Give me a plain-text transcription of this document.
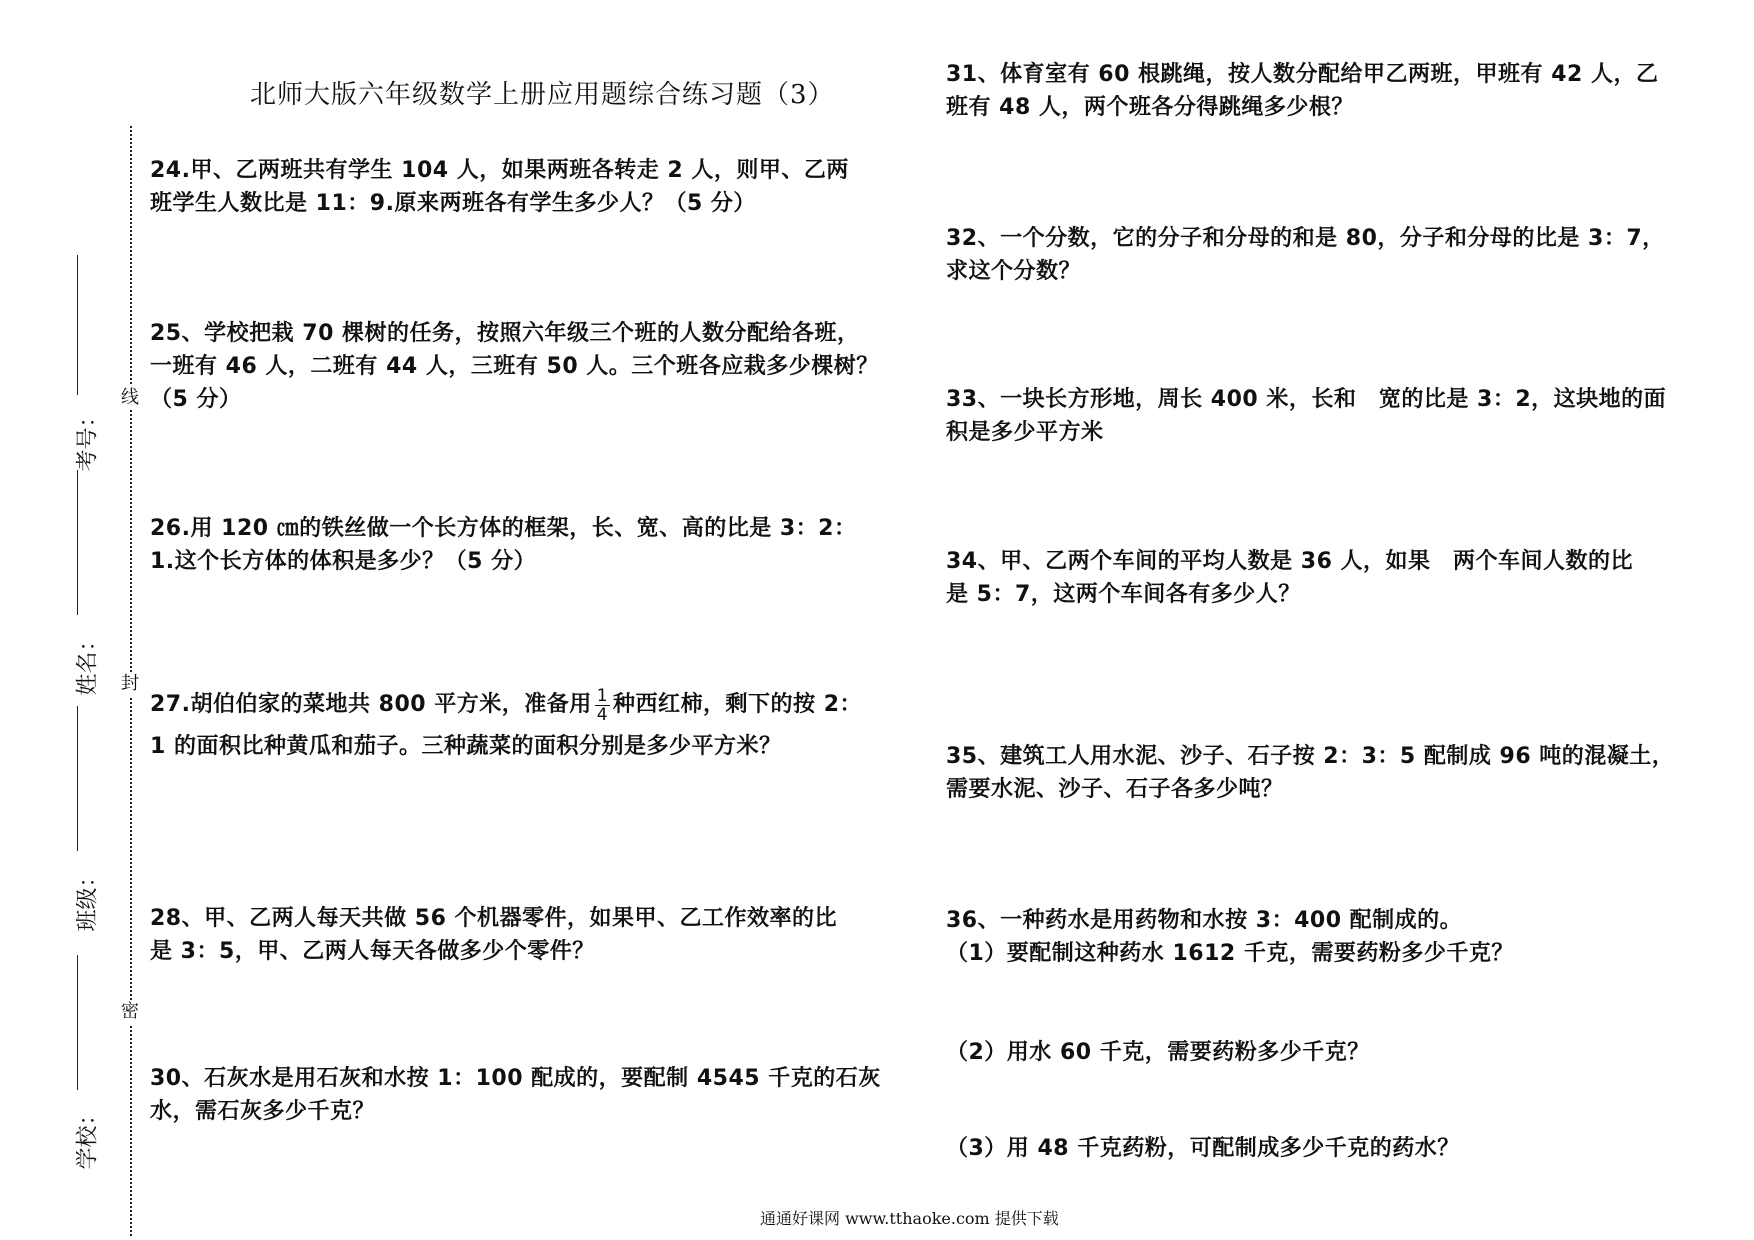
线
封
密
考号：
姓名：
班级：
学校：
北师大版六年级数学上册应用题综合练习题（3）

24.甲、乙两班共有学生 104 人，如果两班各转走 2 人，则甲、乙两

班学生人数比是 11：9.原来两班各有学生多少人？（5 分）

25、学校把栽 70 棵树的任务，按照六年级三个班的人数分配给各班，

一班有 46 人，二班有 44 人，三班有 50 人。三个班各应栽多少棵树？

（5 分）

26.用 120 ㎝的铁丝做一个长方体的框架，长、宽、高的比是 3：2：

1.这个长方体的体积是多少？（5 分）

27.胡伯伯家的菜地共 800 平方米，准备用 $\frac{1}{4}$ 种西红柿，剩下的按 2：

1 的面积比种黄瓜和茄子。三种蔬菜的面积分别是多少平方米？

28、甲、乙两人每天共做 56 个机器零件，如果甲、乙工作效率的比

是 3：5，甲、乙两人每天各做多少个零件？

30、石灰水是用石灰和水按 1：100 配成的，要配制 4545 千克的石灰

水，需石灰多少千克？

31、体育室有 60 根跳绳，按人数分配给甲乙两班，甲班有 42 人，乙

班有 48 人，两个班各分得跳绳多少根？

32、一个分数，它的分子和分母的和是 80，分子和分母的比是 3：7，

求这个分数？

33、一块长方形地，周长 400 米，长和　宽的比是 3：2，这块地的面

积是多少平方米

34、甲、乙两个车间的平均人数是 36 人，如果　两个车间人数的比

是 5：7，这两个车间各有多少人？

35、建筑工人用水泥、沙子、石子按 2：3：5 配制成 96 吨的混凝土，

需要水泥、沙子、石子各多少吨？

36、一种药水是用药物和水按 3：400 配制成的。

（1）要配制这种药水 1612 千克，需要药粉多少千克？

（2）用水 60 千克，需要药粉多少千克？

（3）用 48 千克药粉，可配制成多少千克的药水？

通通好课网 www.tthaoke.com 提供下载
